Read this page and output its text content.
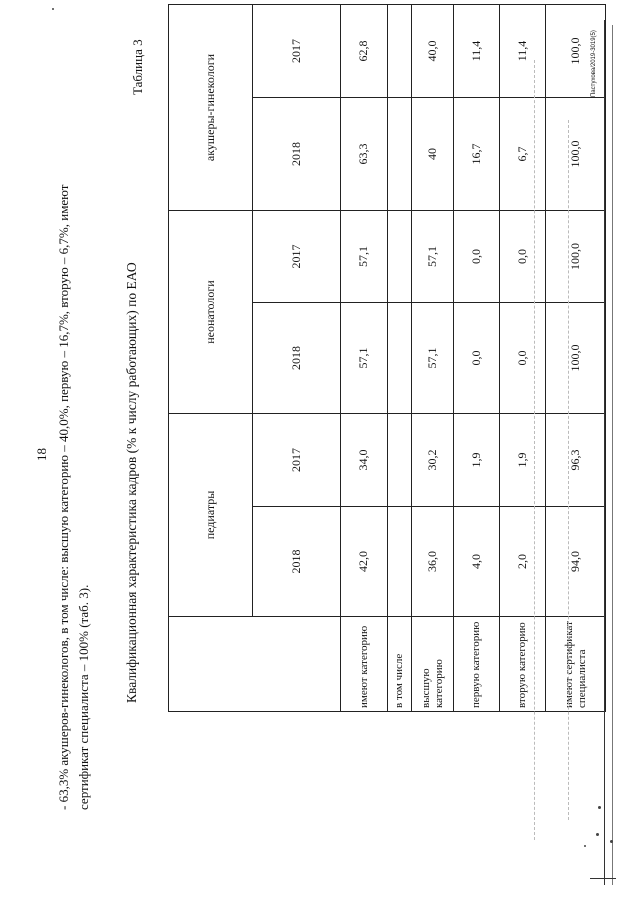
18 - 63,3% акушеров-гинекологов, в том числе: высшую категорию – 40,0%, первую – 16,7%, вторую – 6,7%, имеют сертификат специалиста – 100% (таб. 3).
Таблица 3
Квалификационная характеристика кадров (% к числу работающих) по ЕАО
		педиатры		неонатологи		акушеры-гинекологи	
	2018	2017	2018	2017	2018	2017
имеют категорию	42,0	34,0	57,1	57,1	63,3	62,8
в том числе						
высшую категорию	36,0	30,2	57,1	57,1	40	40,0
первую категорию	4,0	1,9	0,0	0,0	16,7	11,4
вторую категорию	2,0	1,9	0,0	0,0	6,7	11,4
имеют сертификат специалиста	94,0	96,3	100,0	100,0	100,0	100,0 Пастухова/2019-3019(5)
